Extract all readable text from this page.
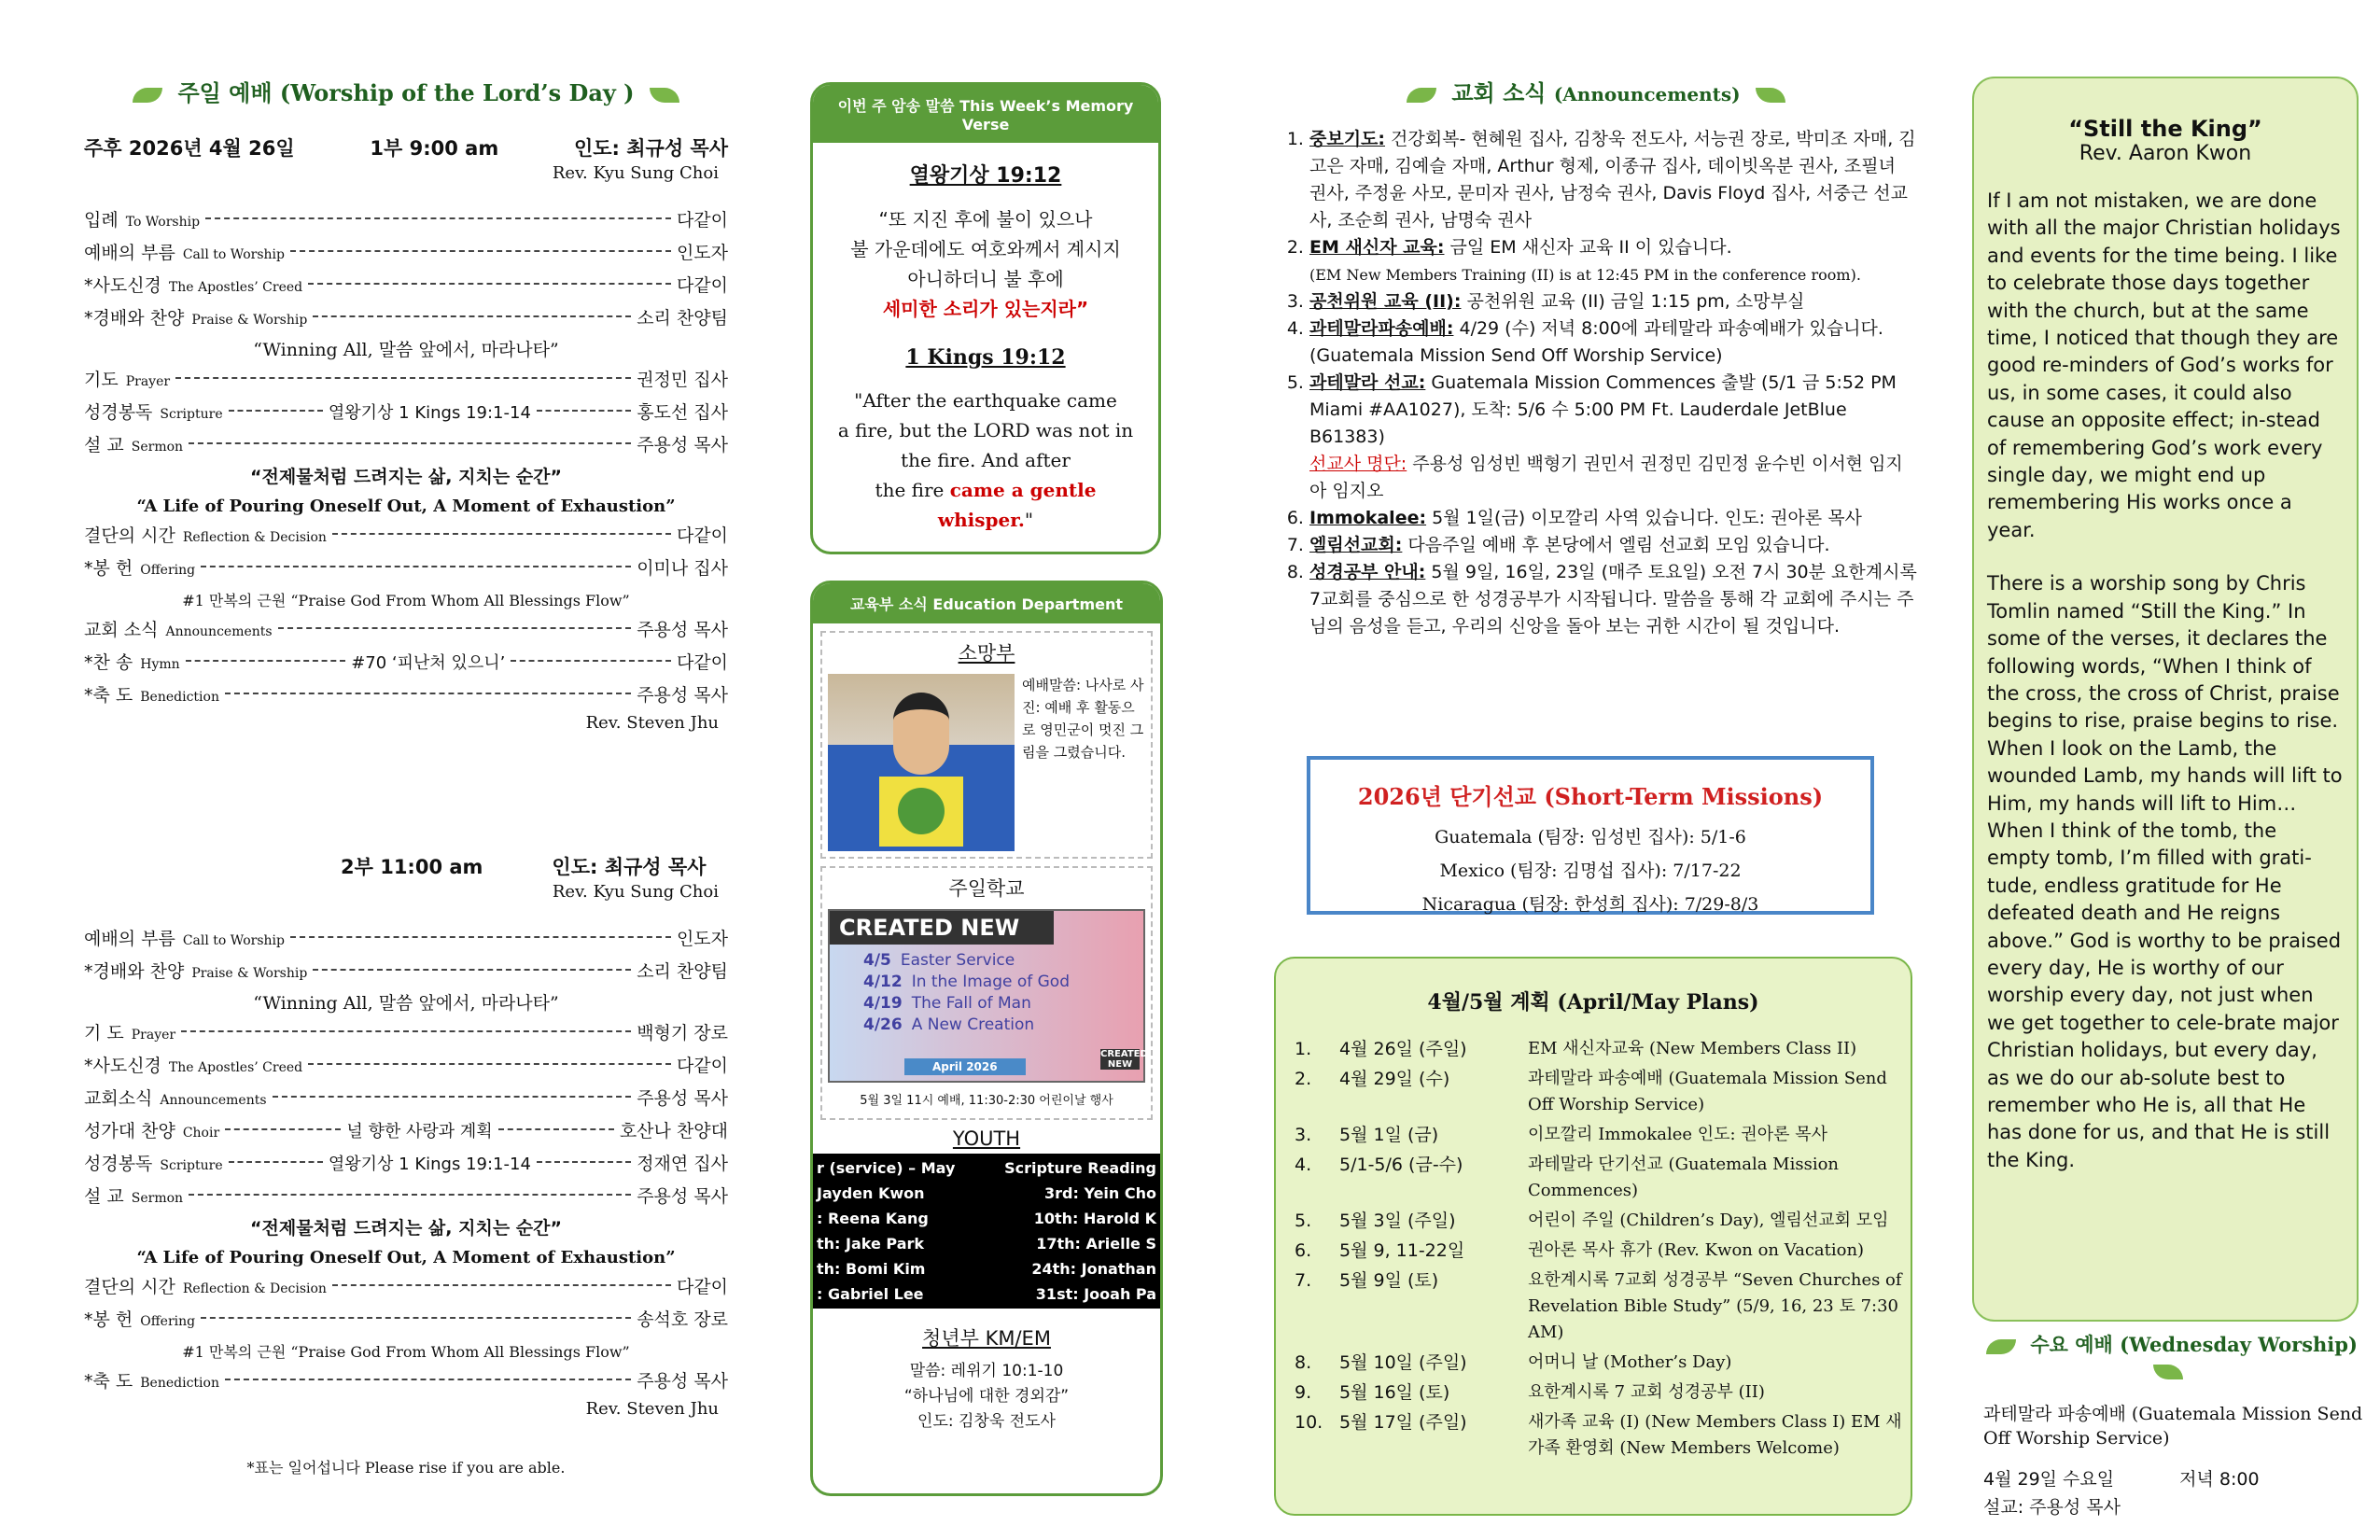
주일 예배 (Worship of the Lord’s Day )
주후 2026년 4월 26일	1부 9:00 am	인도: 최규성 목사
Rev. Kyu Sung Choi
입례 To Worship	다같이
예배의 부름 Call to Worship	인도자
*사도신경 The Apostles’ Creed	다같이
*경배와 찬양 Praise & Worship	소리 찬양팀
“Winning All, 말씀 앞에서, 마라나타”
기도 Prayer	권정민 집사
성경봉독 Scripture	열왕기상 1 Kings 19:1-14	홍도선 집사
설 교 Sermon	주용성 목사
“전제물처럼 드려지는 삶, 지치는 순간”
“A Life of Pouring Oneself Out, A Moment of Exhaustion”
결단의 시간 Reflection & Decision	다같이
*봉 헌 Offering	이미나 집사
#1 만복의 근원 “Praise God From Whom All Blessings Flow”
교회 소식 Announcements	주용성 목사
*찬 송 Hymn	#70 ‘피난처 있으니’	다같이
*축 도 Benediction	주용성 목사
Rev. Steven Jhu
2부 11:00 am	인도: 최규성 목사
Rev. Kyu Sung Choi
예배의 부름 Call to Worship	인도자
*경배와 찬양 Praise & Worship	소리 찬양팀
“Winning All, 말씀 앞에서, 마라나타”
기 도 Prayer	백형기 장로
*사도신경 The Apostles’ Creed	다같이
교회소식 Announcements	주용성 목사
성가대 찬양 Choir	널 향한 사랑과 계획	호산나 찬양대
성경봉독 Scripture	열왕기상 1 Kings 19:1-14	정재연 집사
설 교 Sermon	주용성 목사
“전제물처럼 드려지는 삶, 지치는 순간”
“A Life of Pouring Oneself Out, A Moment of Exhaustion”
결단의 시간 Reflection & Decision	다같이
*봉 헌 Offering	송석호 장로
#1 만복의 근원 “Praise God From Whom All Blessings Flow”
*축 도 Benediction	주용성 목사
Rev. Steven Jhu
*표는 일어섭니다 Please rise if you are able.
이번 주 암송 말씀 This Week’s Memory Verse
열왕기상 19:12
“또 지진 후에 불이 있으나
불 가운데에도 여호와께서 계시지
아니하더니 불 후에
세미한 소리가 있는지라”
1 Kings 19:12
"After the earthquake came
a fire, but the LORD was not in
the fire. And after
the fire came a gentle whisper."
교육부 소식 Education Department
소망부
예배말씀: 나사로 사진: 예배 후 활동으로 영민군이 멋진 그림을 그렸습니다.
주일학교
CREATED NEW
4/5 Easter Service
4/12 In the Image of God
4/19 The Fall of Man
4/26 A New Creation
April 2026
CREATED NEW
5월 3일 11시 예배, 11:30-2:30 어린이날 행사
YOUTH
r (service) – May	Scripture Reading
Jayden Kwon	3rd: Yein Cho
: Reena Kang	10th: Harold K
th: Jake Park	17th: Arielle S
th: Bomi Kim	24th: Jonathan
: Gabriel Lee	31st: Jooah Pa
청년부 KM/EM
말씀: 레위기 10:1-10
“하나님에 대한 경외감”
인도: 김창욱 전도사
교회 소식 (Announcements)
1. 중보기도: 건강회복- 현혜원 집사, 김창욱 전도사, 서능권 장로, 박미조 자매, 김고은 자매, 김예슬 자매, Arthur 형제, 이종규 집사, 데이빗옥분 권사, 조필녀 권사, 주정윤 사모, 문미자 권사, 남정숙 권사, Davis Floyd 집사, 서중근 선교사, 조순희 권사, 남명숙 권사
2. EM 새신자 교육: 금일 EM 새신자 교육 II 이 있습니다.
(EM New Members Training (II) is at 12:45 PM in the conference room).
3. 공천위원 교육 (II): 공천위원 교육 (II) 금일 1:15 pm, 소망부실
4. 과테말라파송예배: 4/29 (수) 저녁 8:00에 과테말라 파송예배가 있습니다. (Guatemala Mission Send Off Worship Service)
5. 과테말라 선교: Guatemala Mission Commences 출발 (5/1 금 5:52 PM Miami #AA1027), 도착: 5/6 수 5:00 PM Ft. Lauderdale JetBlue B61383)
선교사 명단: 주용성 임성빈 백형기 권민서 권정민 김민정 윤수빈 이서현 임지아 임지오
6. Immokalee: 5월 1일(금) 이모깔리 사역 있습니다. 인도: 권아론 목사
7. 엘림선교회: 다음주일 예배 후 본당에서 엘림 선교회 모임 있습니다.
8. 성경공부 안내: 5월 9일, 16일, 23일 (매주 토요일) 오전 7시 30분 요한계시록 7교회를 중심으로 한 성경공부가 시작됩니다. 말씀을 통해 각 교회에 주시는 주님의 음성을 듣고, 우리의 신앙을 돌아 보는 귀한 시간이 될 것입니다.
2026년 단기선교 (Short-Term Missions)
Guatemala (팀장: 임성빈 집사): 5/1-6
Mexico (팀장: 김명섭 집사): 7/17-22
Nicaragua (팀장: 한성희 집사): 7/29-8/3
4월/5월 계획 (April/May Plans)
1.	4월 26일 (주일)	EM 새신자교육 (New Members Class II)
2.	4월 29일 (수)	과테말라 파송예배 (Guatemala Mission Send Off Worship Service)
3.	5월 1일 (금)	이모깔리 Immokalee 인도: 권아론 목사
4.	5/1-5/6 (금-수)	과테말라 단기선교 (Guatemala Mission Commences)
5.	5월 3일 (주일)	어린이 주일 (Children’s Day), 엘림선교회 모임
6.	5월 9, 11-22일	권아론 목사 휴가 (Rev. Kwon on Vacation)
7.	5월 9일 (토)	요한계시록 7교회 성경공부 “Seven Churches of Revelation Bible Study” (5/9, 16, 23 토 7:30 AM)
8.	5월 10일 (주일)	어머니 날 (Mother’s Day)
9.	5월 16일 (토)	요한계시록 7 교회 성경공부 (II)
10.	5월 17일 (주일)	새가족 교육 (I) (New Members Class I) EM 새가족 환영회 (New Members Welcome)
“Still the King”
Rev. Aaron Kwon

If I am not mistaken, we are done with all the major Christian holidays and events for the time being. I like to celebrate those days together with the church, but at the same time, I noticed that though they are good re-minders of God’s works for us, in some cases, it could also cause an opposite effect; in-stead of remembering God’s work every single day, we might end up remembering His works once a year.

There is a worship song by Chris Tomlin named “Still the King.” In some of the verses, it declares the following words, “When I think of the cross, the cross of Christ, praise begins to rise, praise begins to rise. When I look on the Lamb, the wounded Lamb, my hands will lift to Him, my hands will lift to Him… When I think of the tomb, the empty tomb, I’m filled with grati-tude, endless gratitude for He defeated death and He reigns above.” God is worthy to be praised every day, He is worthy of our worship every day, not just when we get together to cele-brate major Christian holidays, but every day, as we do our ab-solute best to remember who He is, all that He has done for us, and that He is still the King.

수요 예배 (Wednesday Worship)
과테말라 파송예배 (Guatemala Mission Send Off Worship Service)
4월 29일 수요일	저녁 8:00
설교: 주용성 목사
